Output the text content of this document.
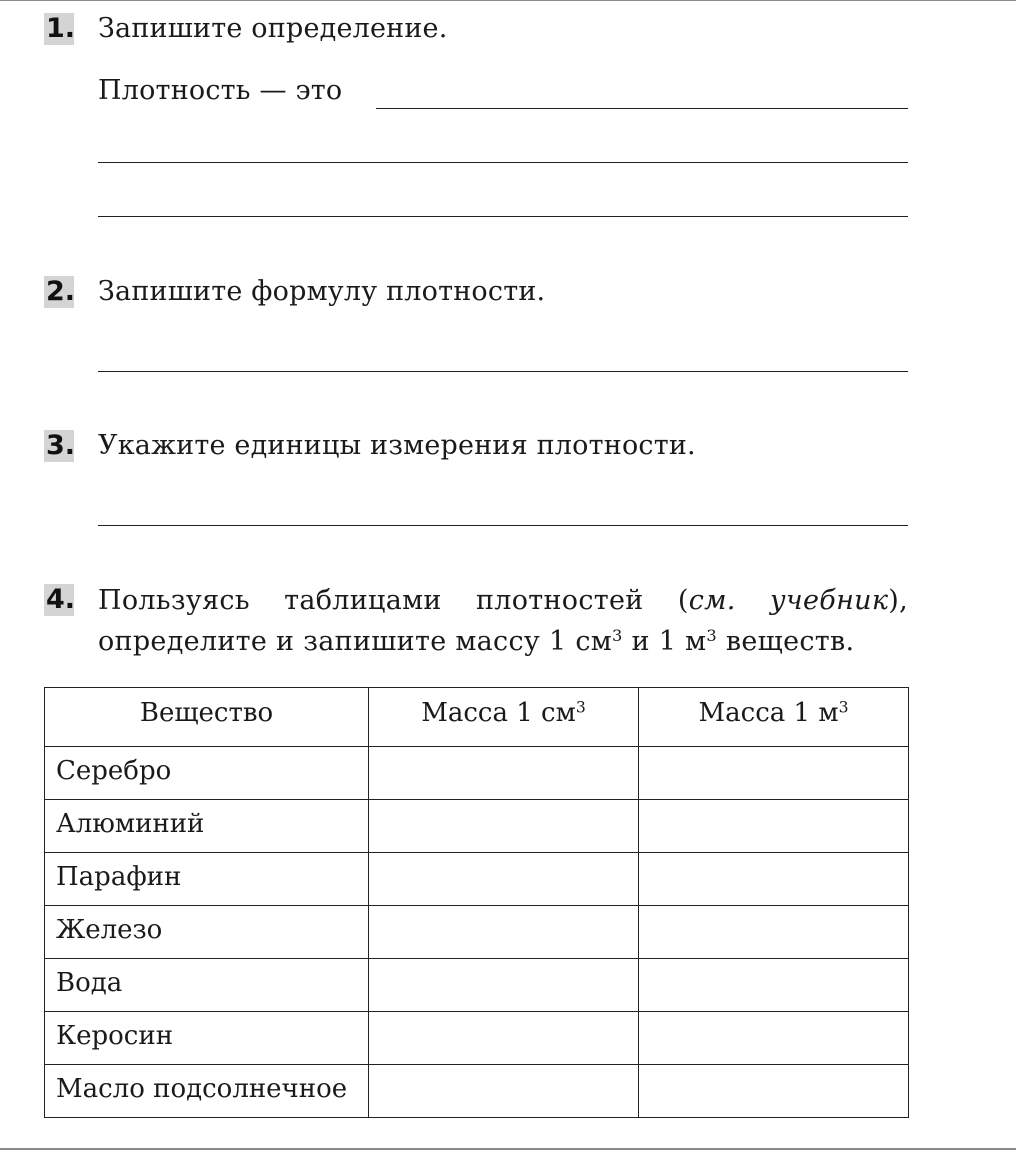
1. Запишите определение.
Плотность — это
2. Запишите формулу плотности.
3. Укажите единицы измерения плотности.
4. Пользуясь таблицами плотностей (см. учебник),
определите и запишите массу 1 $см^3$ и 1 $м^3$ веществ.
Вещество	Масса 1 $см^3$	Масса 1 $м^3$
Серебро		
Алюминий		
Парафин		
Железо		
Вода		
Керосин		
Масло подсолнечное		
